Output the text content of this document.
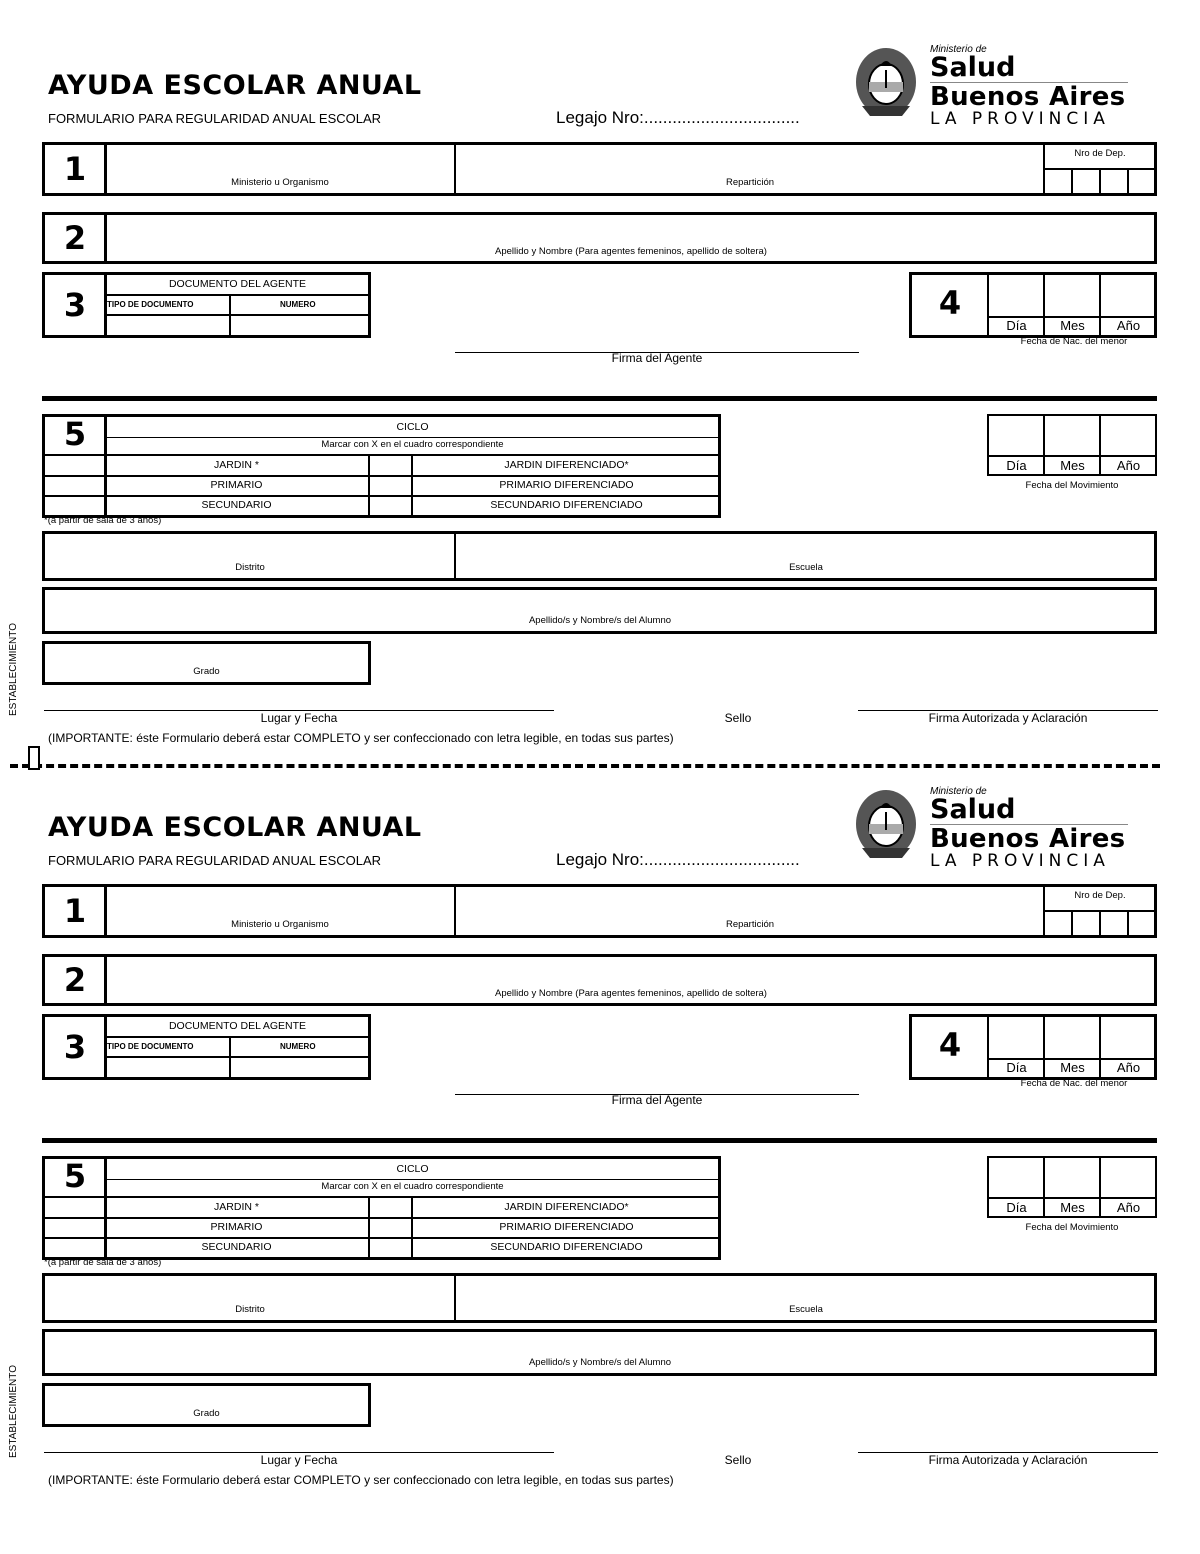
AYUDA ESCOLAR ANUAL
FORMULARIO PARA REGULARIDAD ANUAL ESCOLAR	Legajo Nro:.................................
Ministerio de
Salud
Buenos Aires
LA PROVINCIA
1	Ministerio u Organismo	Repartición
Nro de Dep.
2	Apellido y Nombre (Para agentes femeninos, apellido de soltera)
3
DOCUMENTO DEL AGENTE
TIPO DE DOCUMENTO	NUMERO
Firma del Agente
4
Día	Mes	Año
Fecha de Nac. del menor
5	CICLO
Marcar con X en el cuadro correspondiente
JARDIN *	JARDIN DIFERENCIADO*
PRIMARIO	PRIMARIO DIFERENCIADO
SECUNDARIO	SECUNDARIO DIFERENCIADO
*(a partir de sala de 3 años)
Día	Mes	Año
Fecha del Movimiento
Distrito	Escuela
Apellido/s y Nombre/s del Alumno
Grado
ESTABLECIMIENTO
Lugar y Fecha	Sello	Firma Autorizada y Aclaración
(IMPORTANTE: éste Formulario deberá estar COMPLETO y ser confeccionado con letra legible, en todas sus partes)
AYUDA ESCOLAR ANUAL
FORMULARIO PARA REGULARIDAD ANUAL ESCOLAR	Legajo Nro:.................................
Ministerio de
Salud
Buenos Aires
LA PROVINCIA
1	Ministerio u Organismo	Repartición
Nro de Dep.
2	Apellido y Nombre (Para agentes femeninos, apellido de soltera)
3
DOCUMENTO DEL AGENTE
TIPO DE DOCUMENTO	NUMERO
Firma del Agente
4
Día	Mes	Año
Fecha de Nac. del menor
5	CICLO
Marcar con X en el cuadro correspondiente
JARDIN *	JARDIN DIFERENCIADO*
PRIMARIO	PRIMARIO DIFERENCIADO
SECUNDARIO	SECUNDARIO DIFERENCIADO
*(a partir de sala de 3 años)
Día	Mes	Año
Fecha del Movimiento
Distrito	Escuela
Apellido/s y Nombre/s del Alumno
Grado
ESTABLECIMIENTO
Lugar y Fecha	Sello	Firma Autorizada y Aclaración
(IMPORTANTE: éste Formulario deberá estar COMPLETO y ser confeccionado con letra legible, en todas sus partes)
